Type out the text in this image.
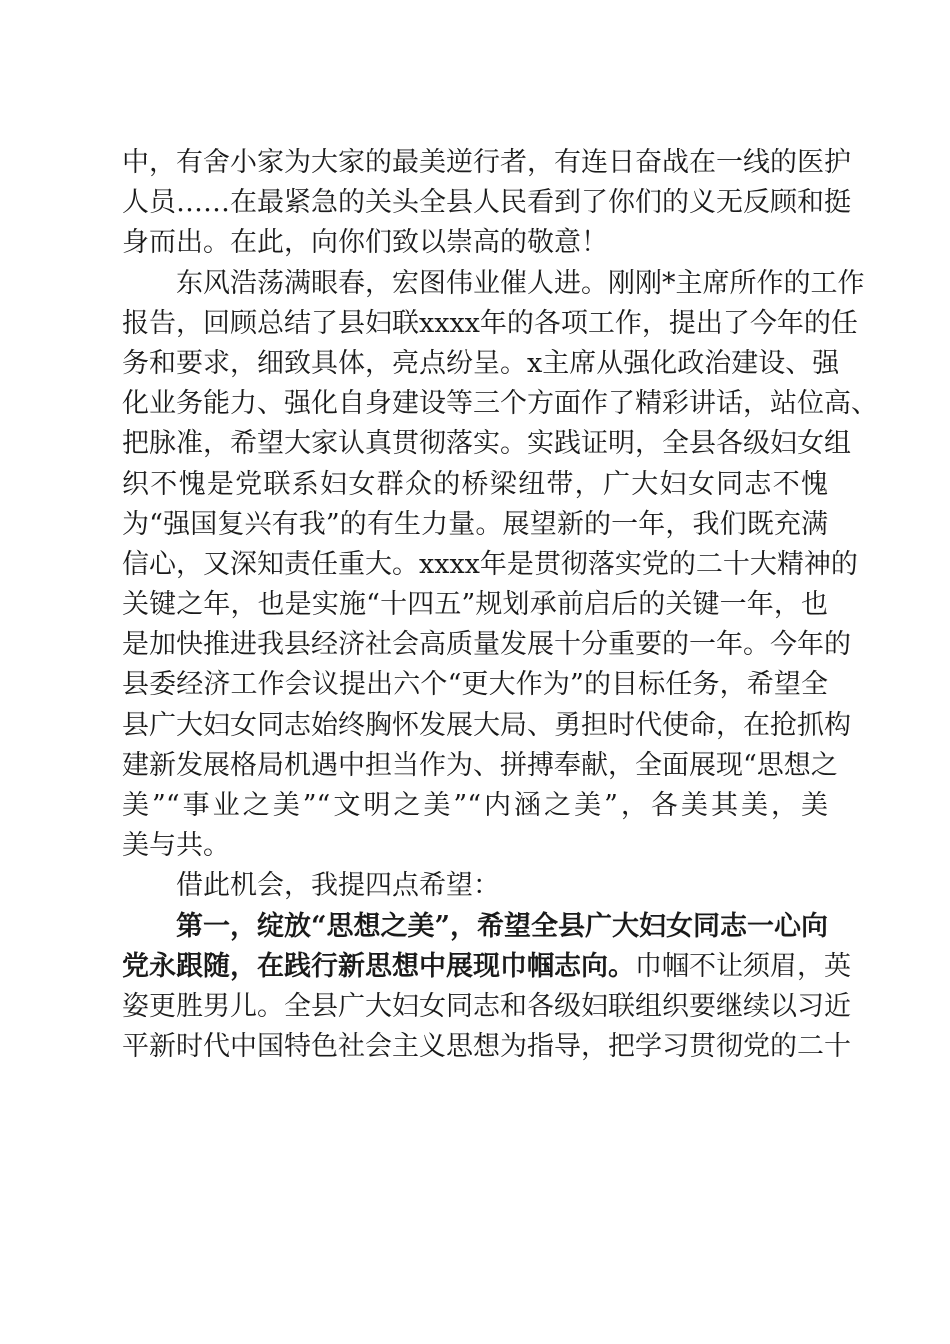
中，有舍小家为大家的最美逆行者，有连日奋战在一线的医护
人员……在最紧急的关头全县人民看到了你们的义无反顾和挺
身而出。在此，向你们致以崇高的敬意！
东风浩荡满眼春，宏图伟业催人进。刚刚*主席所作的工作
报告，回顾总结了县妇联xxxx年的各项工作，提出了今年的任
务和要求，细致具体，亮点纷呈。x主席从强化政治建设、强
化业务能力、强化自身建设等三个方面作了精彩讲话，站位高、
把脉准，希望大家认真贯彻落实。实践证明，全县各级妇女组
织不愧是党联系妇女群众的桥梁纽带，广大妇女同志不愧
为“强国复兴有我”的有生力量。展望新的一年，我们既充满
信心，又深知责任重大。xxxx年是贯彻落实党的二十大精神的
关键之年，也是实施“十四五”规划承前启后的关键一年，也
是加快推进我县经济社会高质量发展十分重要的一年。今年的
县委经济工作会议提出六个“更大作为”的目标任务，希望全
县广大妇女同志始终胸怀发展大局、勇担时代使命，在抢抓构
建新发展格局机遇中担当作为、拼搏奉献，全面展现“思想之
美”“事业之美”“文明之美”“内涵之美”，各美其美，美
美与共。
借此机会，我提四点希望：
第一，绽放“思想之美”，希望全县广大妇女同志一心向
党永跟随，在践行新思想中展现巾帼志向。巾帼不让须眉，英
姿更胜男儿。全县广大妇女同志和各级妇联组织要继续以习近
平新时代中国特色社会主义思想为指导，把学习贯彻党的二十
